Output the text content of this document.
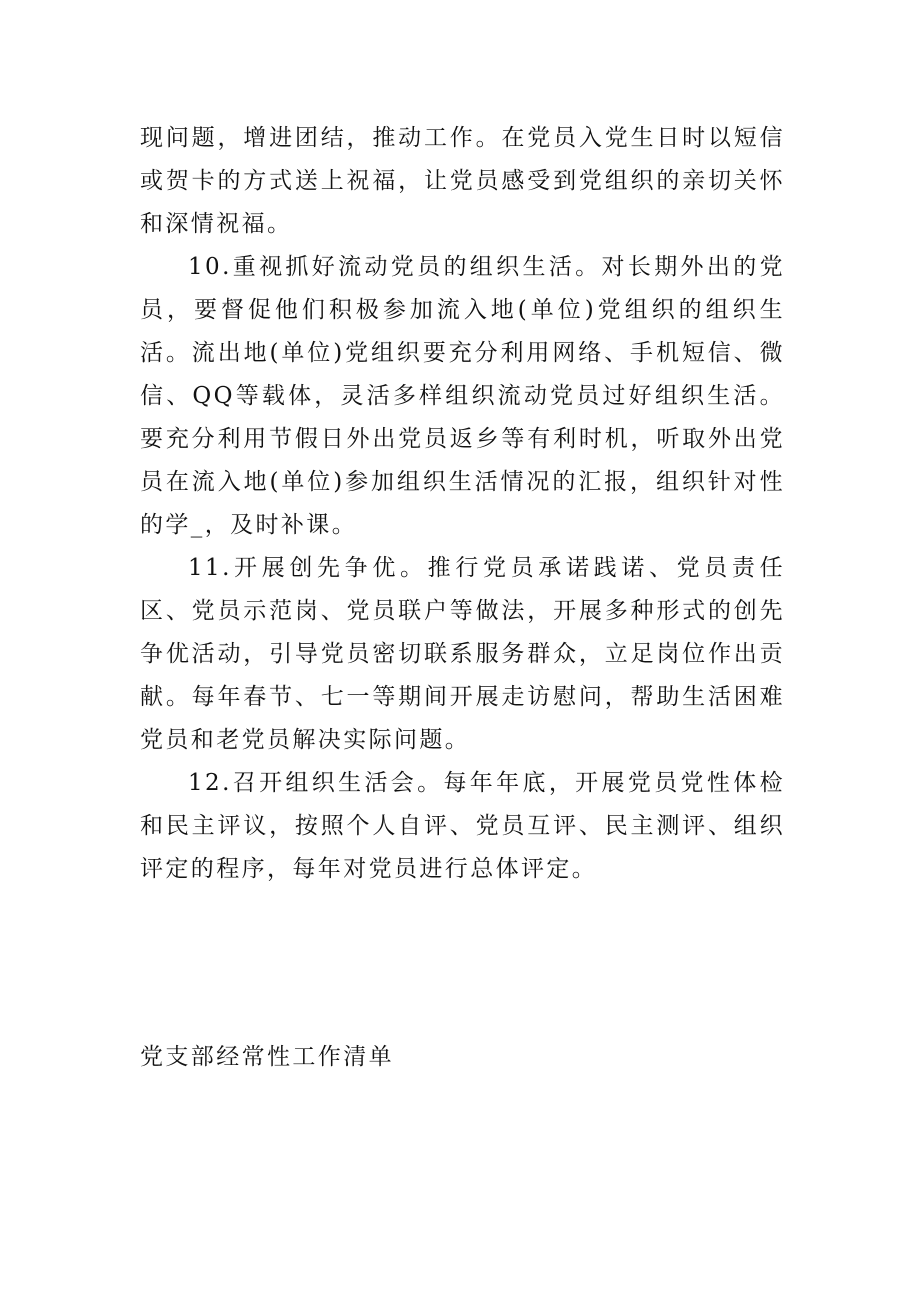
现问题，增进团结，推动工作。在党员入党生日时以短信或贺卡的方式送上祝福，让党员感受到党组织的亲切关怀和深情祝福。

10.重视抓好流动党员的组织生活。对长期外出的党员，要督促他们积极参加流入地(单位)党组织的组织生活。流出地(单位)党组织要充分利用网络、手机短信、微信、QQ等载体，灵活多样组织流动党员过好组织生活。要充分利用节假日外出党员返乡等有利时机，听取外出党员在流入地(单位)参加组织生活情况的汇报，组织针对性的学_，及时补课。

11.开展创先争优。推行党员承诺践诺、党员责任区、党员示范岗、党员联户等做法，开展多种形式的创先争优活动，引导党员密切联系服务群众，立足岗位作出贡献。每年春节、七一等期间开展走访慰问，帮助生活困难党员和老党员解决实际问题。

12.召开组织生活会。每年年底，开展党员党性体检和民主评议，按照个人自评、党员互评、民主测评、组织评定的程序，每年对党员进行总体评定。

党支部经常性工作清单
